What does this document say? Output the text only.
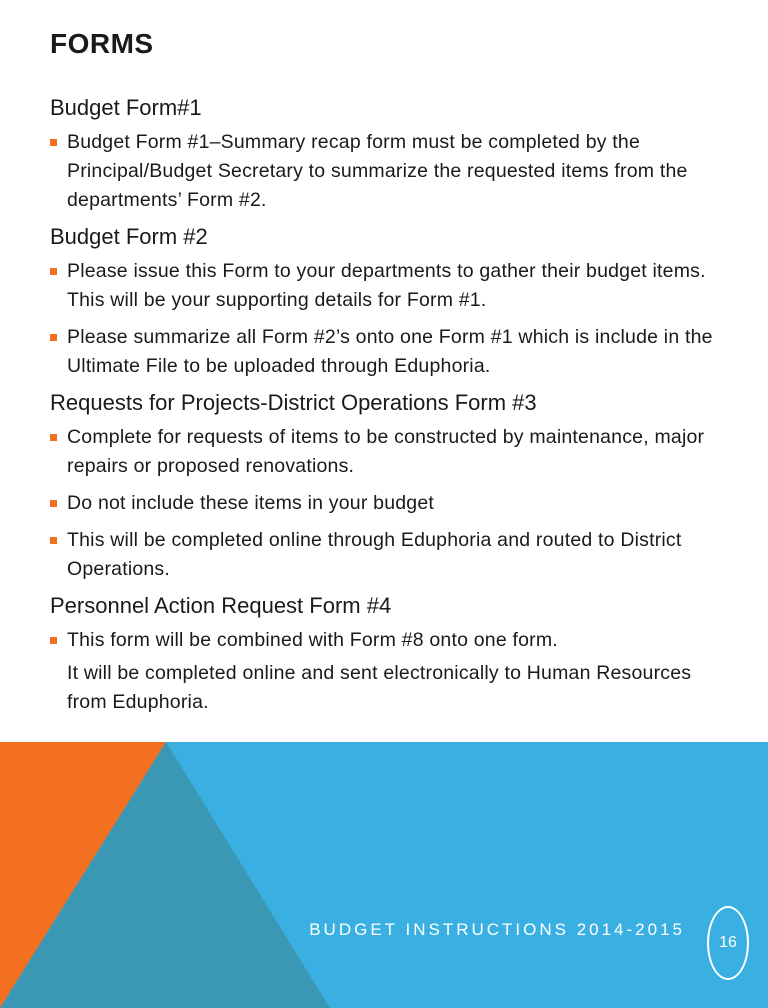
FORMS
Budget Form#1
Budget Form #1–Summary recap form must be completed by the Principal/Budget Secretary to summarize the requested items from the departments’ Form #2.
Budget Form #2
Please issue this Form to your departments to gather their budget items. This will be your supporting details for Form #1.
Please summarize all Form #2’s onto one Form #1 which is include in the Ultimate File to be uploaded through Eduphoria.
Requests for Projects-District Operations Form #3
Complete for requests of items to be constructed by maintenance, major repairs or proposed renovations.
Do not include these items in your budget
This will be completed online through Eduphoria and routed to District Operations.
Personnel Action Request Form #4
This form will be combined with Form #8 onto one form.

It will be completed online and sent electronically to Human Resources from Eduphoria.

BUDGET INSTRUCTIONS 2014-2015
16
